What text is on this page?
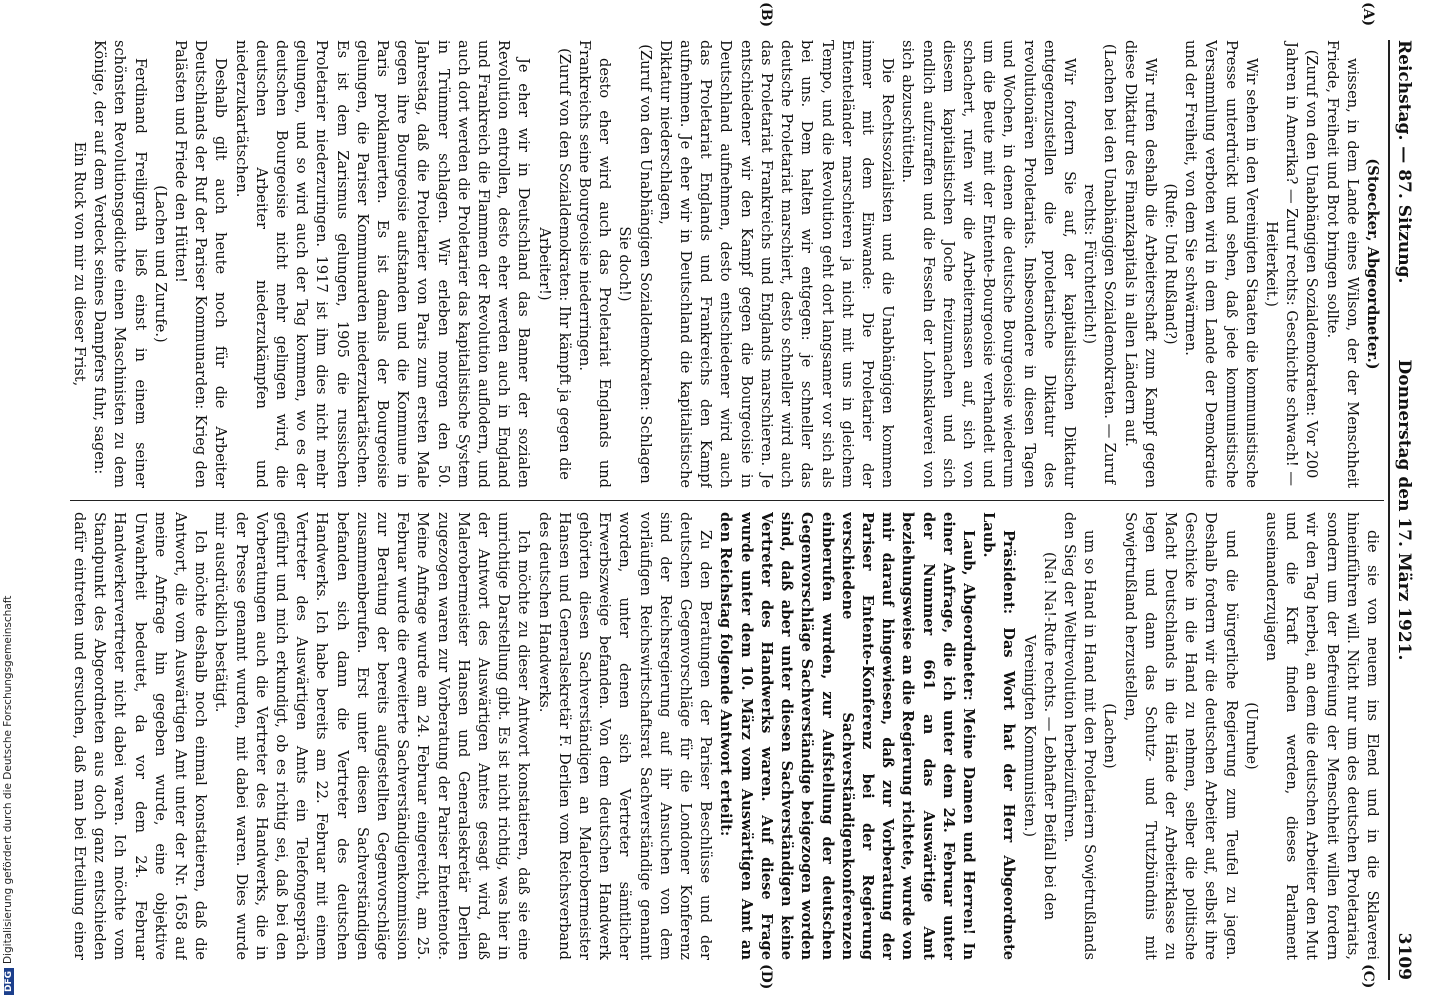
Reichstag. — 87. Sitzung.
Donnerstag den 17. März 1921.
3109
(A)
(B)
(C)
(D)

(Stoecker, Abgeordneter.)

wissen, in dem Lande eines Wilson, der der Menschheit Friede, Freiheit und Brot bringen sollte.

(Zuruf von den Unabhängigen Sozialdemokraten: Vor 200 Jahren in Amerika? — Zuruf rechts: Geschichte schwach! — Heiterkeit.)

Wir sehen in den Vereinigten Staaten die kommunistische Presse unterdrückt und sehen, daß jede kommunistische Versammlung verboten wird in dem Lande der Demokratie und der Freiheit, von dem Sie schwärmen.

(Rufe: Und Rußland?)

Wir rufen deshalb die Arbeiterschaft zum Kampf gegen diese Diktatur des Finanzkapitals in allen Ländern auf.

(Lachen bei den Unabhängigen Sozialdemokraten. — Zuruf rechts: Fürchterlich!)

Wir fordern Sie auf, der kapitalistischen Diktatur entgegenzustellen die proletarische Diktatur des revolutionären Proletariats. Insbesondere in diesen Tagen und Wochen, in denen die deutsche Bourgeoisie wiederum um die Beute mit der Entente-Bourgeoisie verhandelt und schachert, rufen wir die Arbeitermassen auf, sich von diesem kapitalistischen Joche freizumachen und sich endlich aufzuraffen und die Fesseln der Lohnsklaverei von sich abzuschütteln.

Die Rechtssozialisten und die Unabhängigen kommen immer mit dem Einwande: Die Proletarier der Ententeländer marschieren ja nicht mit uns in gleichem Tempo, und die Revolution geht dort langsamer vor sich als bei uns. Dem halten wir entgegen: je schneller das deutsche Proletariat marschiert, desto schneller wird auch das Proletariat Frankreichs und Englands marschieren. Je entschiedener wir den Kampf gegen die Bourgeoisie in Deutschland aufnehmen, desto entschiedener wird auch das Proletariat Englands und Frankreichs den Kampf aufnehmen. Je eher wir in Deutschland die kapitalistische Diktatur niederschlagen,

(Zuruf von den Unabhängigen Sozialdemokraten: Schlagen Sie doch!)

desto eher wird auch das Proletariat Englands und Frankreichs seine Bourgeoisie niederringen.

(Zuruf von den Sozialdemokraten: Ihr kämpft ja gegen die Arbeiter!)

Je eher wir in Deutschland das Banner der sozialen Revolution entrollen, desto eher werden auch in England und Frankreich die Flammen der Revolution auflodern, und auch dort werden die Proletarier das kapitalistische System in Trümmer schlagen. Wir erleben morgen den 50. Jahrestag, daß die Proletarier von Paris zum ersten Male gegen ihre Bourgeoisie aufstanden und die Kommune in Paris proklamierten. Es ist damals der Bourgeoisie gelungen, die Pariser Kommunarden niederzukartätschen. Es ist dem Zarismus gelungen, 1905 die russischen Proletarier niederzuringen. 1917 ist ihm dies nicht mehr gelungen, und so wird auch der Tag kommen, wo es der deutschen Bourgeoisie nicht mehr gelingen wird, die deutschen Arbeiter niederzukämpfen und niederzukartätschen.

Deshalb gilt auch heute noch für die Arbeiter Deutschlands der Ruf der Pariser Kommunarden: Krieg den Palästen und Friede den Hütten!

(Lachen und Zurufe.)

Ferdinand Freiligrath ließ einst in einem seiner schönsten Revolutionsgedichte einen Maschinisten zu dem Könige, der auf dem Verdeck seines Dampfers fuhr, sagen:

Ein Ruck von mir zu dieser Frist,

die sie von neuem ins Elend und in die Sklaverei hineinführen will. Nicht nur um des deutschen Proletariats, sondern um der Befreiung der Menschheit willen fordern wir den Tag herbei, an dem die deutschen Arbeiter den Mut und die Kraft finden werden, dieses Parlament auseinanderzujagen

(Unruhe)

und die bürgerliche Regierung zum Teufel zu jagen. Deshalb fordern wir die deutschen Arbeiter auf, selbst ihre Geschicke in die Hand zu nehmen, selber die politische Macht Deutschlands in die Hände der Arbeiterklasse zu legen und dann das Schutz- und Trutzbündnis mit Sowjetrußland herzustellen,

(Lachen)

um so Hand in Hand mit den Proletariern Sowjetrußlands den Sieg der Weltrevolution herbeizuführen.

(Na! Na!-Rufe rechts. — Lebhafter Beifall bei den Vereinigten Kommunisten.)

Präsident: Das Wort hat der Herr Abgeordnete Laub.

Laub, Abgeordneter: Meine Damen und Herren! In einer Anfrage, die ich unter dem 24. Februar unter der Nummer 661 an das Auswärtige Amt beziehungsweise an die Regierung richtete, wurde von mir darauf hingewiesen, daß zur Vorberatung der Pariser Entente-Konferenz bei der Regierung verschiedene Sachverständigenkonferenzen einberufen wurden, zur Aufstellung der deutschen Gegenvorschläge Sachverständige beigezogen worden sind, daß aber unter diesen Sachverständigen keine Vertreter des Handwerks waren. Auf diese Frage wurde unter dem 10. März vom Auswärtigen Amt an den Reichstag folgende Antwort erteilt:

Zu den Beratungen der Pariser Beschlüsse und der deutschen Gegenvorschläge für die Londoner Konferenz sind der Reichsregierung auf ihr Ansuchen von dem vorläufigen Reichswirtschaftsrat Sachverständige genannt worden, unter denen sich Vertreter sämtlicher Erwerbszweige befanden. Von dem deutschen Handwerk gehörten diesen Sachverständigen an Malerobermeister Hansen und Generalsekretär F. Derlien vom Reichsverband des deutschen Handwerks.

Ich möchte zu dieser Antwort konstatieren, daß sie eine unrichtige Darstellung gibt. Es ist nicht richtig, was hier in der Antwort des Auswärtigen Amtes gesagt wird, daß Malerobermeister Hansen und Generalsekretär Derlien zugezogen waren zur Vorberatung der Pariser Ententenote. Meine Anfrage wurde am 24. Februar eingereicht, am 25. Februar wurde die erweiterte Sachverständigenkommission zur Beratung der bereits aufgestellten Gegenvorschläge zusammenberufen. Erst unter diesen Sachverständigen befanden sich dann die Vertreter des deutschen Handwerks. Ich habe bereits am 22. Februar mit einem Vertreter des Auswärtigen Amts ein Telefongespräch geführt und mich erkundigt, ob es richtig sei, daß bei den Vorberatungen auch die Vertreter des Handwerks, die in der Presse genannt wurden, mit dabei waren. Dies wurde mir ausdrücklich bestätigt.

Ich möchte deshalb noch einmal konstatieren, daß die Antwort, die vom Auswärtigen Amt unter der Nr. 1658 auf meine Anfrage hin gegeben wurde, eine objektive Unwahrheit bedeutet, da vor dem 24. Februar Handwerkervertreter nicht dabei waren. Ich möchte vom Standpunkt des Abgeordneten aus doch ganz entschieden dafür eintreten und ersuchen, daß man bei Erteilung einer

DFGDigitalisierung gefördert durch die Deutsche Forschungsgemeinschaft
